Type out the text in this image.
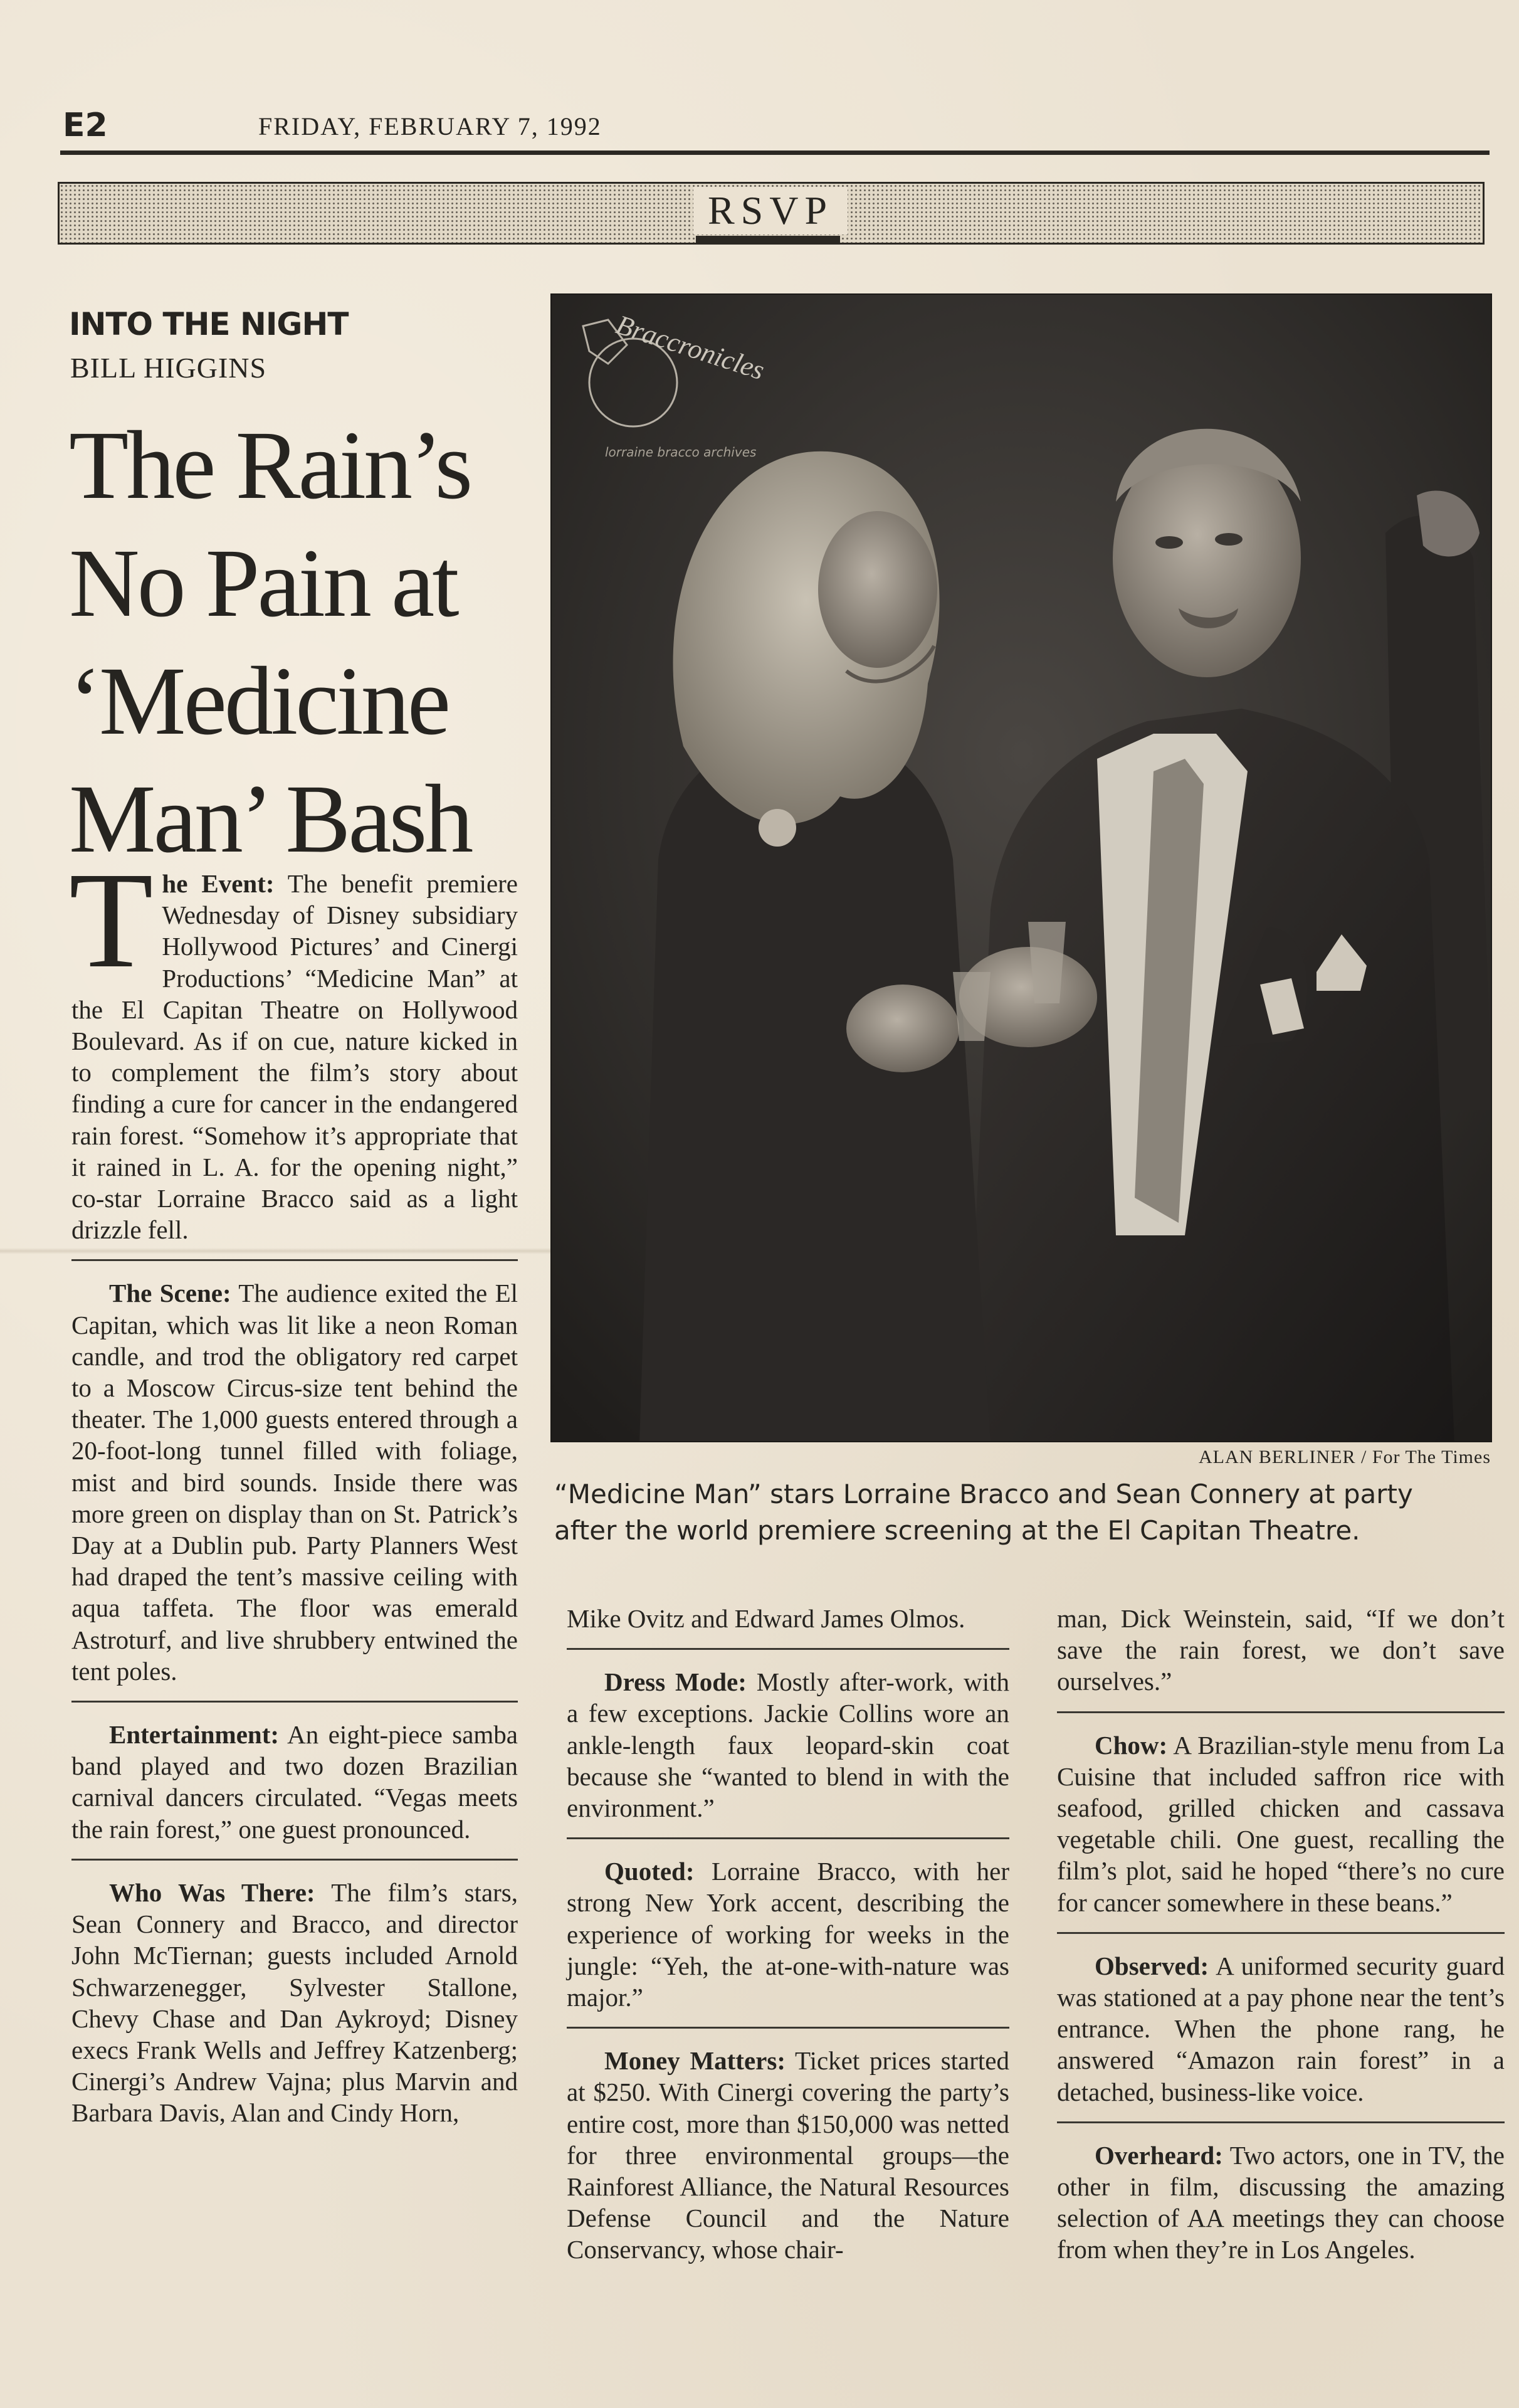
E2	FRIDAY, FEBRUARY 7, 1992
RSVP
INTO THE NIGHT
BILL HIGGINS
The Rain’s
No Pain at
‘Medicine
Man’ Bash

The Event: The benefit premiere Wednesday of Disney subsidiary Hollywood Pictures’ and Cinergi Productions’ “Medicine Man” at the El Capitan Theatre on Hollywood Boulevard. As if on cue, nature kicked in to complement the film’s story about finding a cure for cancer in the endangered rain forest. “Somehow it’s appropriate that it rained in L. A. for the opening night,” co-star Lorraine Bracco said as a light drizzle fell.

The Scene: The audience exited the El Capitan, which was lit like a neon Roman candle, and trod the obligatory red carpet to a Moscow Circus-size tent behind the theater. The 1,000 guests entered through a 20-foot-long tunnel filled with foliage, mist and bird sounds. Inside there was more green on display than on St. Patrick’s Day at a Dublin pub. Party Planners West had draped the tent’s massive ceiling with aqua taffeta. The floor was emerald Astroturf, and live shrubbery entwined the tent poles.

Entertainment: An eight-piece samba band played and two dozen Brazilian carnival dancers circulated. “Vegas meets the rain forest,” one guest pronounced.

Who Was There: The film’s stars, Sean Connery and Bracco, and director John McTiernan; guests included Arnold Schwarzenegger, Sylvester Stallone, Chevy Chase and Dan Aykroyd; Disney execs Frank Wells and Jeffrey Katzenberg; Cinergi’s Andrew Vajna; plus Marvin and Barbara Davis, Alan and Cindy Horn,

Braccronicles
lorraine bracco archives
ALAN BERLINER / For The Times
“Medicine Man” stars Lorraine Bracco and Sean Connery at party
after the world premiere screening at the El Capitan Theatre.

Mike Ovitz and Edward James Olmos.

Dress Mode: Mostly after-work, with a few exceptions. Jackie Collins wore an ankle-length faux leopard-skin coat because she “wanted to blend in with the environment.”

Quoted: Lorraine Bracco, with her strong New York accent, describing the experience of working for weeks in the jungle: “Yeh, the at-one-with-nature was major.”

Money Matters: Ticket prices started at $250. With Cinergi covering the party’s entire cost, more than $150,000 was netted for three environmental groups—the Rainforest Alliance, the Natural Resources Defense Council and the Nature Conservancy, whose chair-

man, Dick Weinstein, said, “If we don’t save the rain forest, we don’t save ourselves.”

Chow: A Brazilian-style menu from La Cuisine that included saffron rice with seafood, grilled chicken and cassava vegetable chili. One guest, recalling the film’s plot, said he hoped “there’s no cure for cancer somewhere in these beans.”

Observed: A uniformed security guard was stationed at a pay phone near the tent’s entrance. When the phone rang, he answered “Amazon rain forest” in a detached, business-like voice.

Overheard: Two actors, one in TV, the other in film, discussing the amazing selection of AA meetings they can choose from when they’re in Los Angeles.
